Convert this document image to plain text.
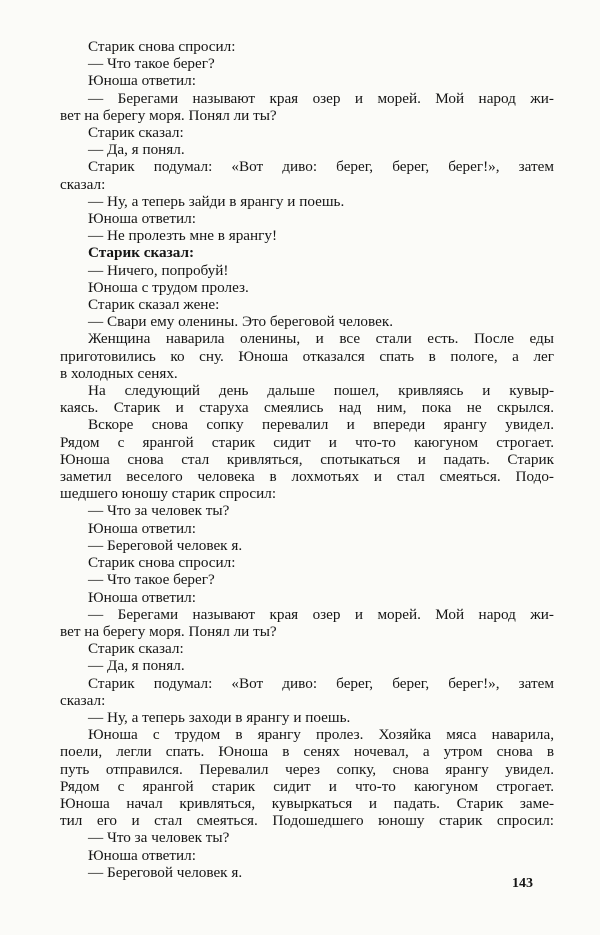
Старик снова спросил:
— Что такое берег?
Юноша ответил:
— Берегами называют края озер и морей. Мой народ жи-
вет на берегу моря. Понял ли ты?
Старик сказал:
— Да, я понял.
Старик подумал: «Вот диво: берег, берег, берег!», затем
сказал:
— Ну, а теперь зайди в ярангу и поешь.
Юноша ответил:
— Не пролезть мне в ярангу!
Старик сказал:
— Ничего, попробуй!
Юноша с трудом пролез.
Старик сказал жене:
— Свари ему оленины. Это береговой человек.
Женщина наварила оленины, и все стали есть. После еды
приготовились ко сну. Юноша отказался спать в пологе, а лег
в холодных сенях.
На следующий день дальше пошел, кривляясь и кувыр-
каясь. Старик и старуха смеялись над ним, пока не скрылся.
Вскоре снова сопку перевалил и впереди ярангу увидел.
Рядом с ярангой старик сидит и что-то каюгуном строгает.
Юноша снова стал кривляться, спотыкаться и падать. Старик
заметил веселого человека в лохмотьях и стал смеяться. Подо-
шедшего юношу старик спросил:
— Что за человек ты?
Юноша ответил:
— Береговой человек я.
Старик снова спросил:
— Что такое берег?
Юноша ответил:
— Берегами называют края озер и морей. Мой народ жи-
вет на берегу моря. Понял ли ты?
Старик сказал:
— Да, я понял.
Старик подумал: «Вот диво: берег, берег, берег!», затем
сказал:
— Ну, а теперь заходи в ярангу и поешь.
Юноша с трудом в ярангу пролез. Хозяйка мяса наварила,
поели, легли спать. Юноша в сенях ночевал, а утром снова в
путь отправился. Перевалил через сопку, снова ярангу увидел.
Рядом с ярангой старик сидит и что-то каюгуном строгает.
Юноша начал кривляться, кувыркаться и падать. Старик заме-
тил его и стал смеяться. Подошедшего юношу старик спросил:
— Что за человек ты?
Юноша ответил:
— Береговой человек я.
143
